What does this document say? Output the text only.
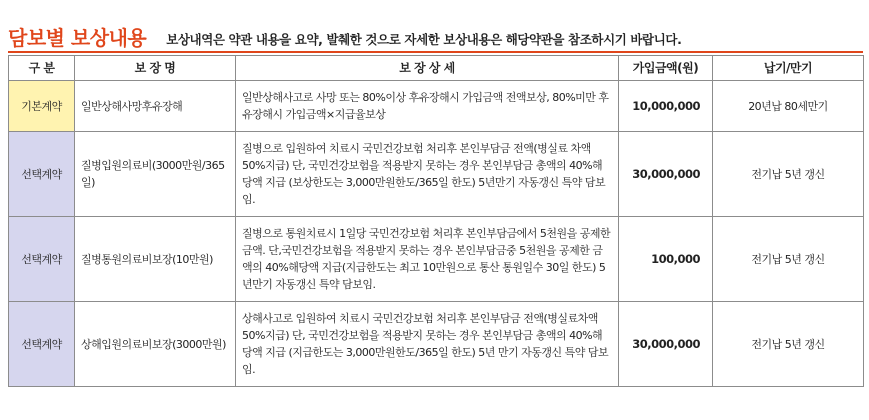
담보별 보상내용 보상내역은 약관 내용을 요약, 발췌한 것으로 자세한 보상내용은 해당약관을 참조하시기 바랍니다.
구 분	보 장 명	보 장 상 세	가입금액(원)	납기/만기
기본계약	일반상해사망후유장해	일반상해사고로 사망 또는 80%이상 후유장해시 가입금액 전액보상, 80%미만 후유장해시 가입금액×지급율보상	10,000,000	20년납 80세만기
선택계약	질병입원의료비(3000만원/365일)	질병으로 입원하여 치료시 국민건강보험 처리후 본인부담금 전액(병실료 차액 50%지급) 단, 국민건강보험을 적용받지 못하는 경우 본인부담금 총액의 40%해당액 지급 (보상한도는 3,000만원한도/365일 한도) 5년만기 자동갱신 특약 담보임.	30,000,000	전기납 5년 갱신
선택계약	질병통원의료비보장(10만원)	질병으로 통원치료시 1일당 국민건강보험 처리후 본인부담금에서 5천원을 공제한 금액. 단,국민건강보험을 적용받지 못하는 경우 본인부담금중 5천원을 공제한 금액의 40%해당액 지급(지급한도는 최고 10만원으로 통산 통원일수 30일 한도) 5년만기 자동갱신 특약 담보임.	100,000	전기납 5년 갱신
선택계약	상해입원의료비보장(3000만원)	상해사고로 입원하여 치료시 국민건강보험 처리후 본인부담금 전액(병실료차액 50%지급) 단, 국민건강보험을 적용받지 못하는 경우 본인부담금 총액의 40%해당액 지급 (지급한도는 3,000만원한도/365일 한도) 5년 만기 자동갱신 특약 담보임.	30,000,000	전기납 5년 갱신
